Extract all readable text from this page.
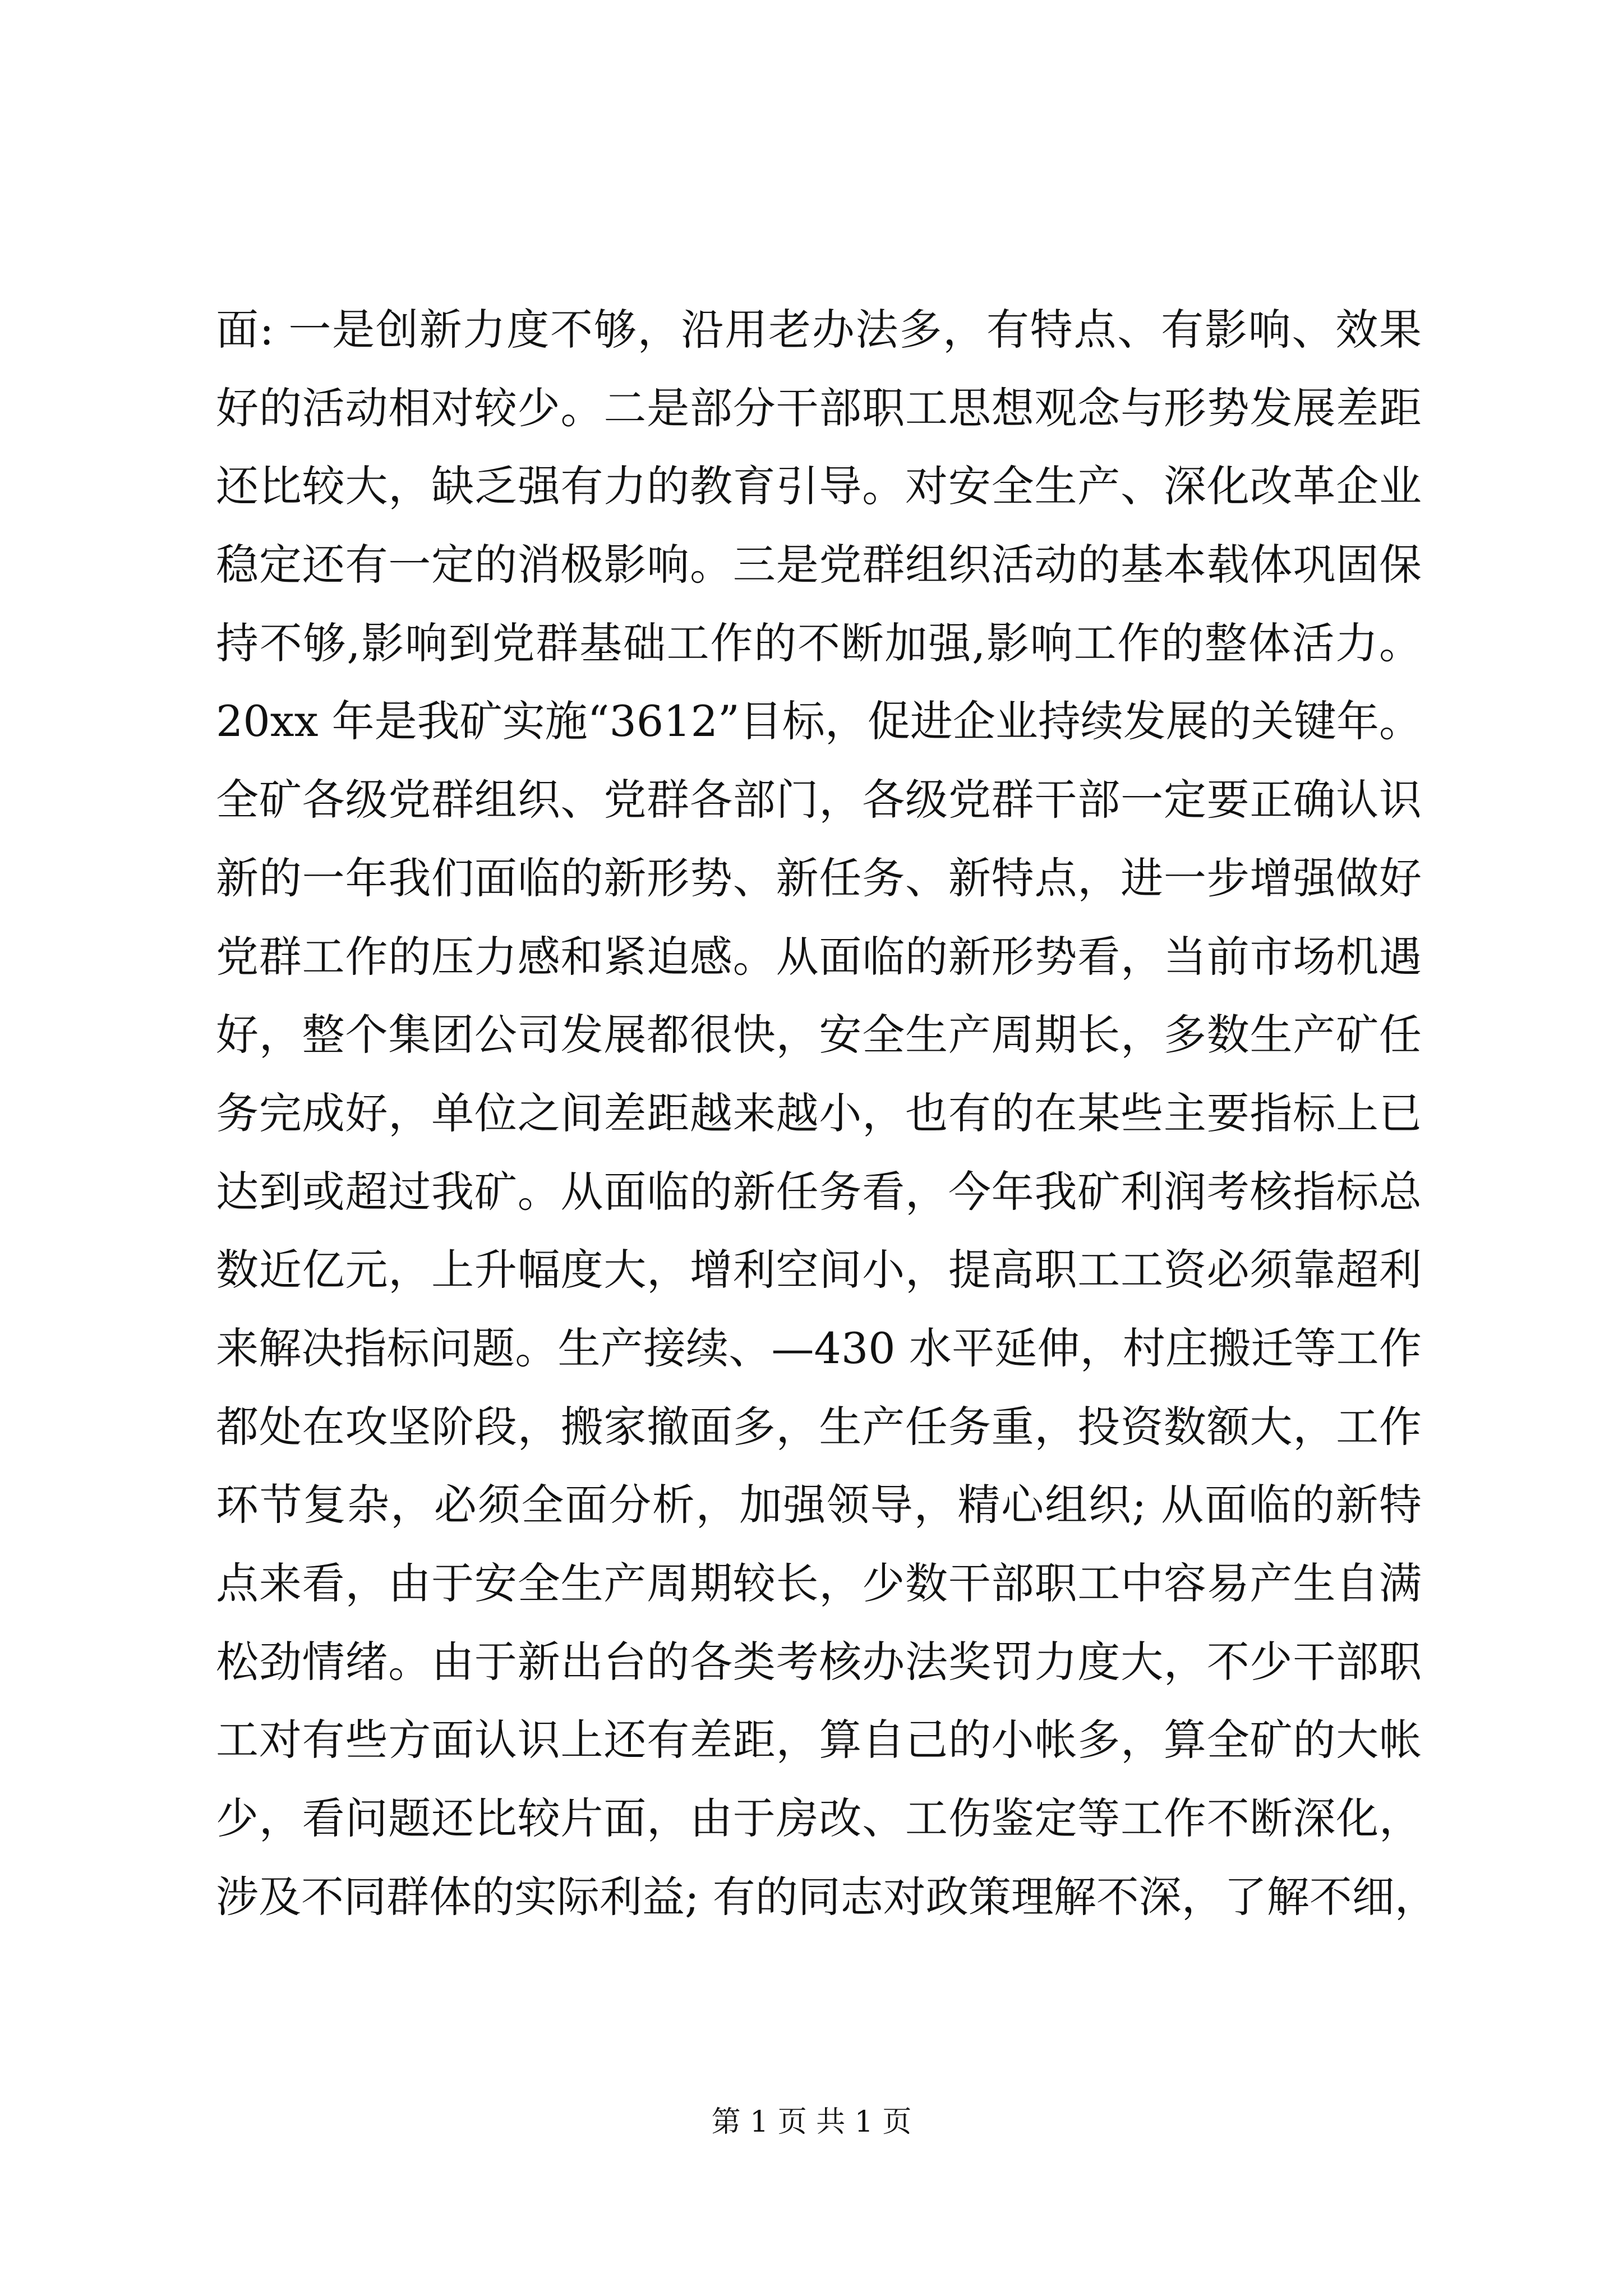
面: 一是创新力度不够，沿用老办法多，有特点、有影响、效果
好的活动相对较少。二是部分干部职工思想观念与形势发展差距
还比较大，缺乏强有力的教育引导。对安全生产、深化改革企业
稳定还有一定的消极影响。三是党群组织活动的基本载体巩固保
持不够,影响到党群基础工作的不断加强,影响工作的整体活力。
20xx 年是我矿实施“3612”目标，促进企业持续发展的关键年。
全矿各级党群组织、党群各部门，各级党群干部一定要正确认识
新的一年我们面临的新形势、新任务、新特点，进一步增强做好
党群工作的压力感和紧迫感。从面临的新形势看，当前市场机遇
好，整个集团公司发展都很快，安全生产周期长，多数生产矿任
务完成好，单位之间差距越来越小，也有的在某些主要指标上已
达到或超过我矿。从面临的新任务看，今年我矿利润考核指标总
数近亿元，上升幅度大，增利空间小，提高职工工资必须靠超利
来解决指标问题。生产接续、—430 水平延伸，村庄搬迁等工作
都处在攻坚阶段，搬家撤面多，生产任务重，投资数额大，工作
环节复杂，必须全面分析，加强领导，精心组织; 从面临的新特
点来看，由于安全生产周期较长，少数干部职工中容易产生自满
松劲情绪。由于新出台的各类考核办法奖罚力度大，不少干部职
工对有些方面认识上还有差距，算自己的小帐多，算全矿的大帐
少，看问题还比较片面，由于房改、工伤鉴定等工作不断深化，
涉及不同群体的实际利益; 有的同志对政策理解不深，了解不细，
第 1 页 共 1 页
